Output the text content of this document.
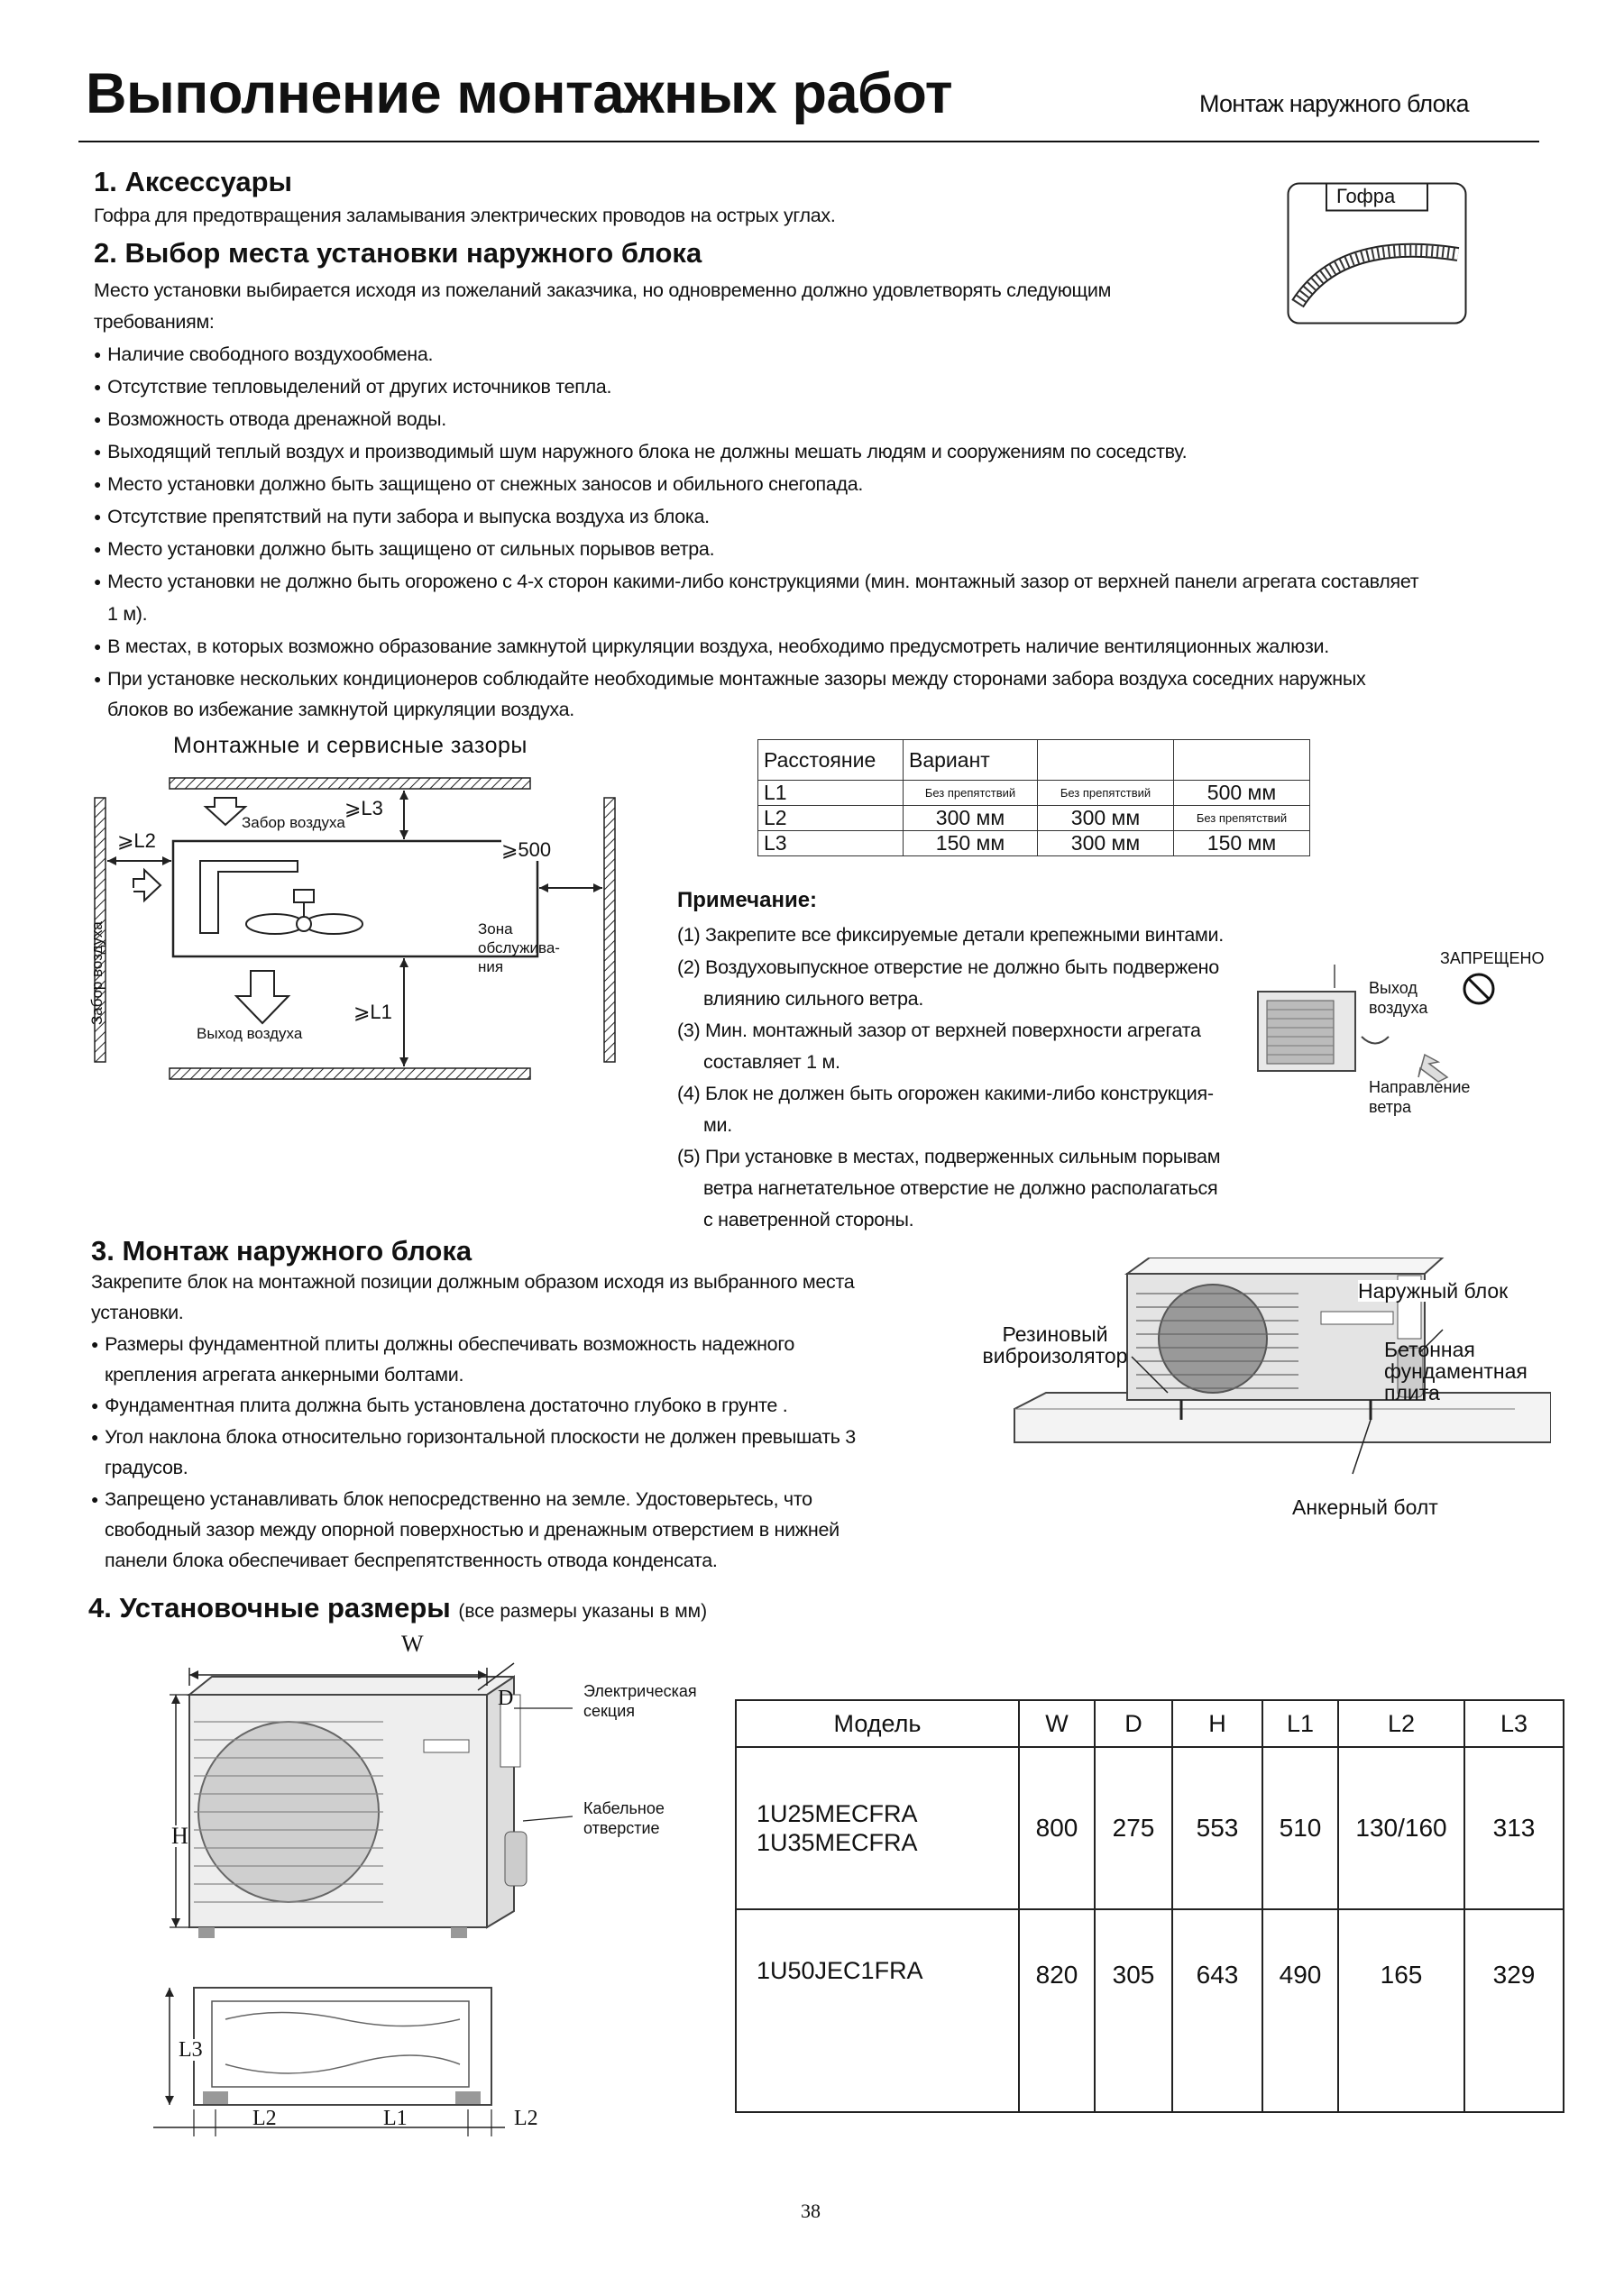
Выполнение монтажных работ	Монтаж наружного блока
1. Аксессуары
Гофра для предотвращения заламывания электрических проводов на острых углах.
Гофра
2. Выбор места установки наружного блока
Место установки выбирается исходя из пожеланий заказчика, но одновременно должно удовлетворять следующим
требованиям:
● Наличие свободного воздухообмена.
● Отсутствие тепловыделений от других источников тепла.
● Возможность отвода дренажной воды.
● Выходящий теплый воздух и производимый шум наружного блока не должны мешать людям и сооружениям по соседству.
● Место установки должно быть защищено от снежных заносов и обильного снегопада.
● Отсутствие препятствий на пути забора и выпуска воздуха из блока.
● Место установки должно быть защищено от сильных порывов ветра.
● Место установки не должно быть огорожено с 4-х сторон какими-либо конструкциями (мин. монтажный зазор от верхней панели агрегата составляет
1 м).
● В местах, в которых возможно образование замкнутой циркуляции воздуха, необходимо предусмотреть наличие вентиляционных жалюзи.
● При установке нескольких кондиционеров соблюдайте необходимые монтажные зазоры между сторонами забора воздуха соседних наружных
блоков во избежание замкнутой циркуляции воздуха.
Монтажные и сервисные зазоры
Забор воздуха
⩾L3
⩾L2	⩾500
Зона
обслужива-
ния
Забор воздуха
Выход воздуха
⩾L1
Расстояние	Вариант		
L1	Без препятствий	Без препятствий	500 мм
L2	300 мм	300 мм	Без препятствий
L3	150 мм	300 мм	150 мм
Примечание:
(1) Закрепите все фиксируемые детали крепежными винтами.
(2) Воздуховыпускное отверстие не должно быть подвержено
влиянию сильного ветра.
(3) Мин. монтажный зазор от верхней поверхности агрегата
составляет 1 м.
(4) Блок не должен быть огорожен какими-либо конструкция-
ми.
(5) При установке в местах, подверженных сильным порывам
ветра нагнетательное отверстие не должно располагаться
с наветренной стороны.
ЗАПРЕЩЕНО
Выход
воздуха
Направление
ветра
3. Монтаж наружного блока
Закрепите блок на монтажной позиции должным образом исходя из выбранного места
установки.
● Размеры фундаментной плиты должны обеспечивать возможность надежного
крепления агрегата анкерными болтами.
● Фундаментная плита должна быть установлена достаточно глубоко в грунте .
● Угол наклона блока относительно горизонтальной плоскости не должен превышать 3
градусов.
● Запрещено устанавливать блок непосредственно на земле. Удостоверьтесь, что
свободный зазор между опорной поверхностью и дренажным отверстием в нижней
панели блока обеспечивает беспрепятственность отвода конденсата.
Наружный блок
Резиновый
виброизолятор	Бетонная
фундаментная
плита
Анкерный болт
4. Установочные размеры (все размеры указаны в мм)
W
D
H
Электрическая
секция
Кабельное
отверстие
L3
L2	L1	L2
Модель	W	D	H	L1	L2	L3

1U25MECFRA
1U35MECFRA	800	275	553	510	130/160	313

1U50JEC1FRA	820	305	643	490	165	329
38
